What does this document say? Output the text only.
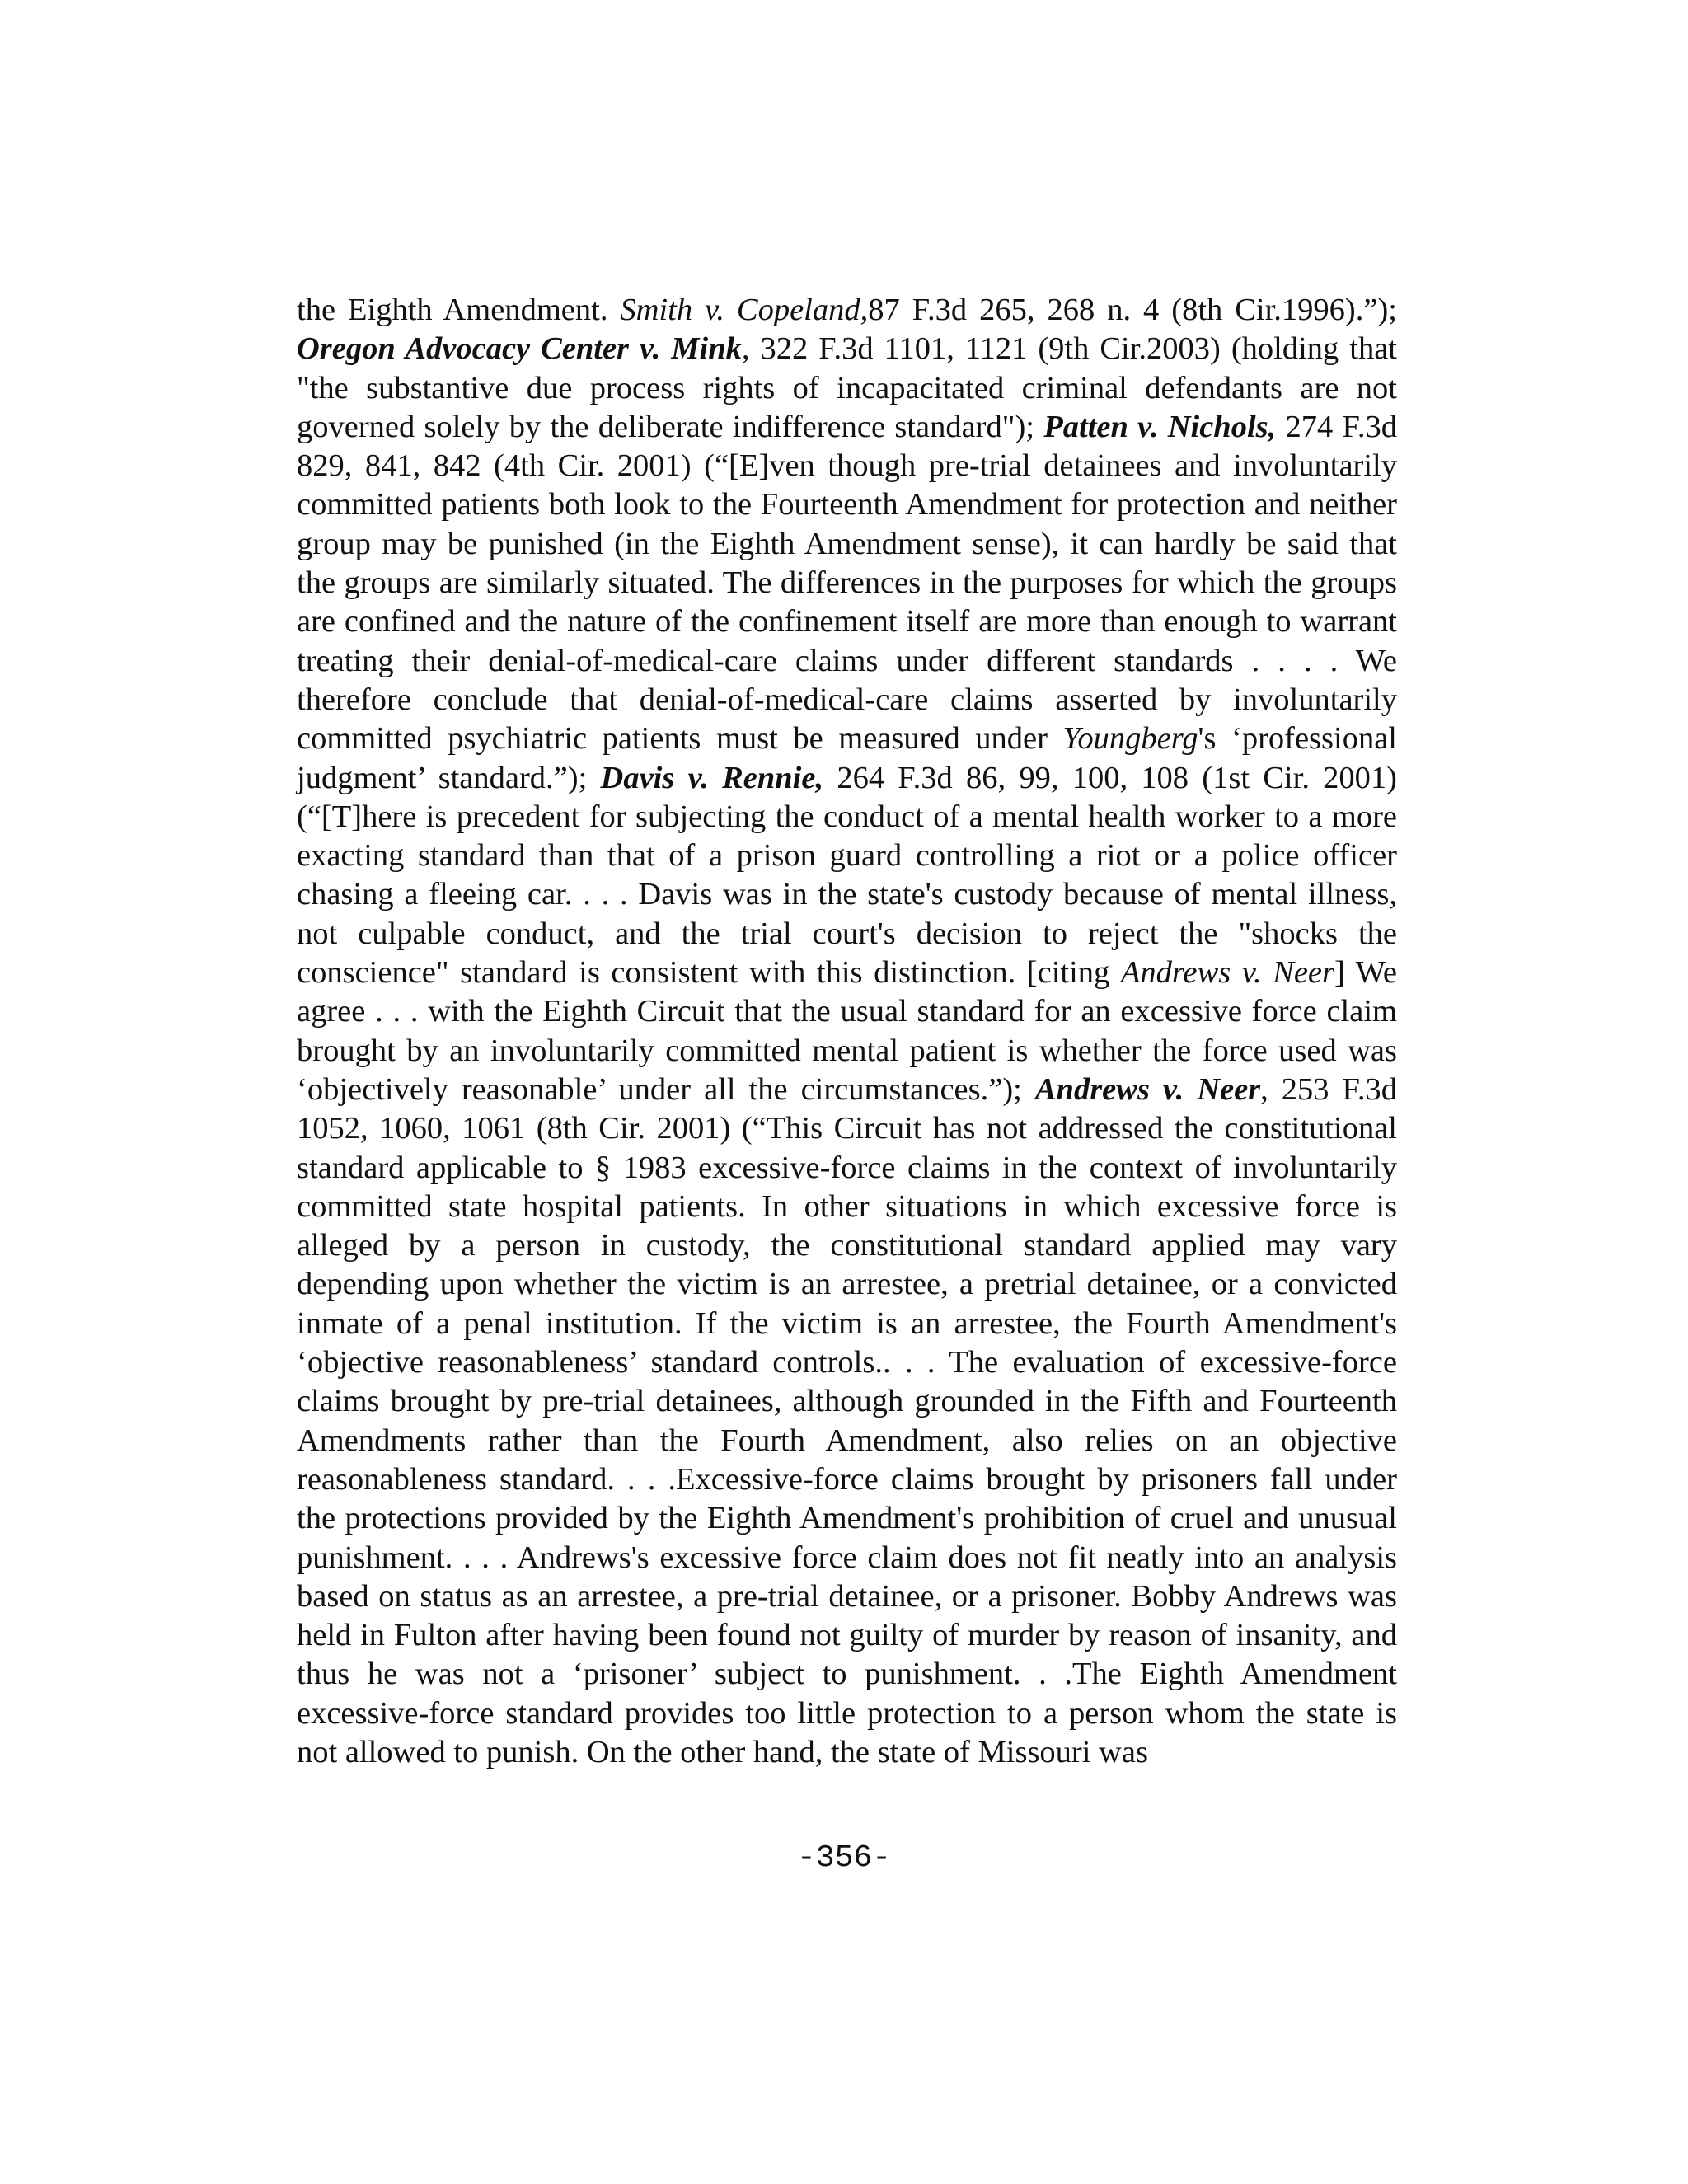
the Eighth Amendment. Smith v. Copeland,87 F.3d 265, 268 n. 4 (8th Cir.1996).”); Oregon Advocacy Center v. Mink, 322 F.3d 1101, 1121 (9th Cir.2003) (holding that "the substantive due process rights of incapacitated criminal defendants are not governed solely by the deliberate indifference standard"); Patten v. Nichols, 274 F.3d 829, 841, 842 (4th Cir. 2001) (“[E]ven though pre-trial detainees and involuntarily committed patients both look to the Fourteenth Amendment for protection and neither group may be punished (in the Eighth Amendment sense), it can hardly be said that the groups are similarly situated. The differences in the purposes for which the groups are confined and the nature of the confinement itself are more than enough to warrant treating their denial-of-medical-care claims under different standards . . . . We therefore conclude that denial-of-medical-care claims asserted by involuntarily committed psychiatric patients must be measured under Youngberg's ‘professional judgment’ standard.”); Davis v. Rennie, 264 F.3d 86, 99, 100, 108 (1st Cir. 2001) (“[T]here is precedent for subjecting the conduct of a mental health worker to a more exacting standard than that of a prison guard controlling a riot or a police officer chasing a fleeing car. . . . Davis was in the state's custody because of mental illness, not culpable conduct, and the trial court's decision to reject the "shocks the conscience" standard is consistent with this distinction. [citing Andrews v. Neer] We agree . . . with the Eighth Circuit that the usual standard for an excessive force claim brought by an involuntarily committed mental patient is whether the force used was ‘objectively reasonable’ under all the circumstances.”); Andrews v. Neer, 253 F.3d 1052, 1060, 1061 (8th Cir. 2001) (“This Circuit has not addressed the constitutional standard applicable to § 1983 excessive-force claims in the context of involuntarily committed state hospital patients. In other situations in which excessive force is alleged by a person in custody, the constitutional standard applied may vary depending upon whether the victim is an arrestee, a pretrial detainee, or a convicted inmate of a penal institution. If the victim is an arrestee, the Fourth Amendment's ‘objective reasonableness’ standard controls.. . . The evaluation of excessive-force claims brought by pre-trial detainees, although grounded in the Fifth and Fourteenth Amendments rather than the Fourth Amendment, also relies on an objective reasonableness standard. . . .Excessive-force claims brought by prisoners fall under the protections provided by the Eighth Amendment's prohibition of cruel and unusual punishment. . . . Andrews's excessive force claim does not fit neatly into an analysis based on status as an arrestee, a pre-trial detainee, or a prisoner. Bobby Andrews was held in Fulton after having been found not guilty of murder by reason of insanity, and thus he was not a ‘prisoner’ subject to punishment. . .The Eighth Amendment excessive-force standard provides too little protection to a person whom the state is not allowed to punish. On the other hand, the state of Missouri was

-356-
